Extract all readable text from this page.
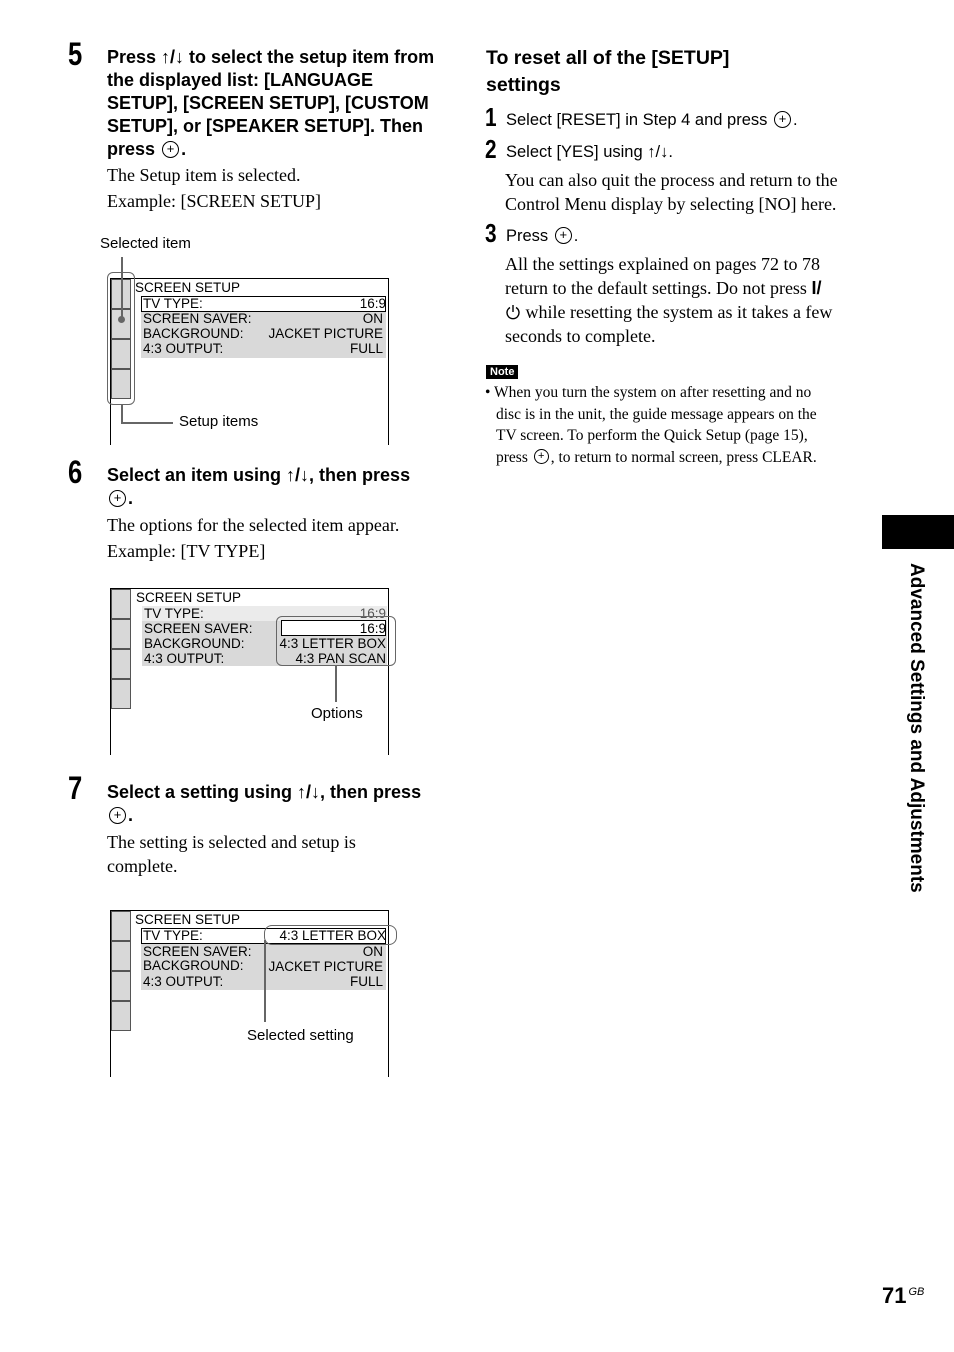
5 Press ↑/↓ to select the setup item from
the displayed list: [LANGUAGE
SETUP], [SCREEN SETUP], [CUSTOM
SETUP], or [SPEAKER SETUP]. Then
press + .
The Setup item is selected.
Example: [SCREEN SETUP]
Selected item
SCREEN SETUP
TV TYPE:	16:9
SCREEN SAVER:	ON
BACKGROUND: JACKET PICTURE
4:3 OUTPUT:	FULL
Setup items
6 Select an item using ↑/↓, then press
+.
The options for the selected item appear.
Example: [TV TYPE]
SCREEN SETUP
TV TYPE:	16:9
SCREEN SAVER:	16:9
BACKGROUND:	4:3 LETTER BOX
4:3 OUTPUT:	4:3 PAN SCAN
Options
7 Select a setting using ↑/↓, then press
+.
The setting is selected and setup is
complete.
SCREEN SETUP
TV TYPE:	4:3 LETTER BOX
SCREEN SAVER:	ON
BACKGROUND: JACKET PICTURE
4:3 OUTPUT:	FULL
Selected setting
To reset all of the [SETUP]
settings
1 Select [RESET] in Step 4 and press + .
2 Select [YES] using ↑/↓.
You can also quit the process and return to the
Control Menu display by selecting [NO] here.
3 Press + .
All the settings explained on pages 72 to 78
return to the default settings. Do not press I/
while resetting the system as it takes a few
seconds to complete.
Note
• When you turn the system on after resetting and no
disc is in the unit, the guide message appears on the
TV screen. To perform the Quick Setup (page 15),
press + , to return to normal screen, press CLEAR.
Advanced Settings and Adjustments
71 $^{GB}$
